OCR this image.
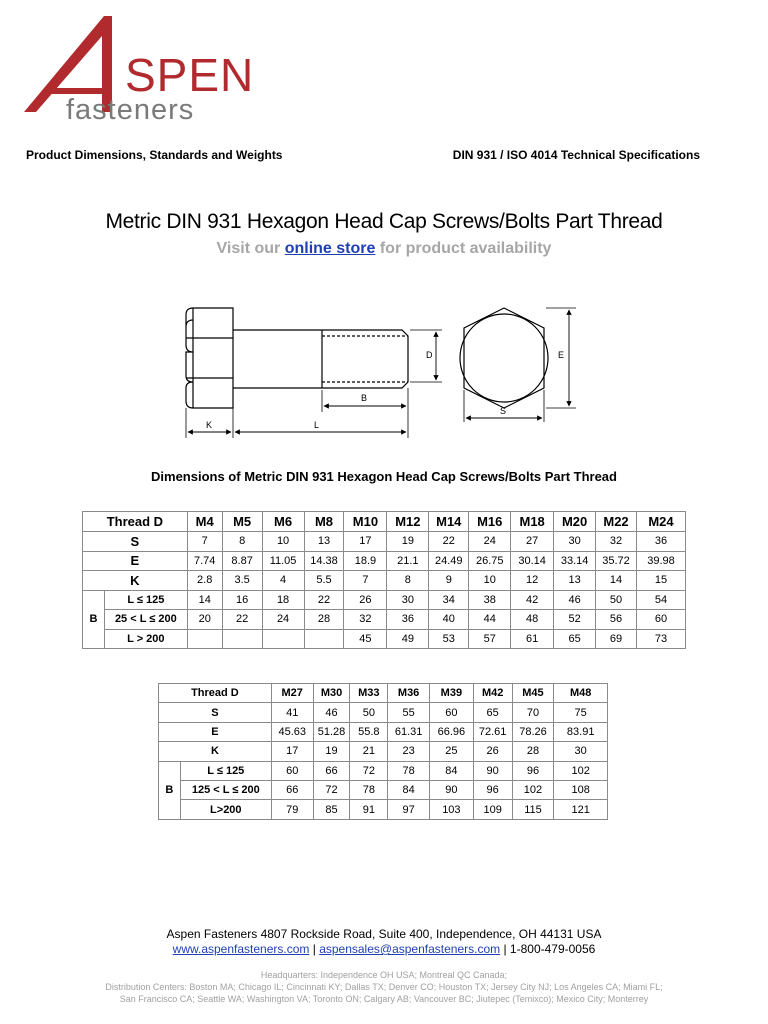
SPEN
fasteners
Product Dimensions, Standards and Weights	DIN 931 / ISO 4014 Technical Specifications
Metric DIN 931 Hexagon Head Cap Screws/Bolts Part Thread
Visit our online store for product availability
D
B
K	L
E
S
Dimensions of Metric DIN 931 Hexagon Head Cap Screws/Bolts Part Thread
Thread D		M4	M5	M6	M8	M10	M12	M14	M16	M18	M20	M22	M24
S		7	8	10	13	17	19	22	24	27	30	32	36
E		7.74	8.87	11.05	14.38	18.9	21.1	24.49	26.75	30.14	33.14	35.72	39.98
K		2.8	3.5	4	5.5	7	8	9	10	12	13	14	15
B	L ≤ 125	14	16	18	22	26	30	34	38	42	46	50	54
	25 < L ≤ 200	20	22	24	28	32	36	40	44	48	52	56	60
	L > 200					45	49	53	57	61	65	69	73
Thread D		M27	M30	M33	M36	M39	M42	M45	M48
S		41	46	50	55	60	65	70	75
E		45.63	51.28	55.8	61.31	66.96	72.61	78.26	83.91
K		17	19	21	23	25	26	28	30
B	L ≤ 125	60	66	72	78	84	90	96	102
	125 < L ≤ 200	66	72	78	84	90	96	102	108
	L>200	79	85	91	97	103	109	115	121
Aspen Fasteners 4807 Rockside Road, Suite 400, Independence, OH 44131 USA
www.aspenfasteners.com | aspensales@aspenfasteners.com | 1-800-479-0056
Headquarters: Independence OH USA; Montreal QC Canada;
Distribution Centers: Boston MA; Chicago IL; Cincinnati KY; Dallas TX; Denver CO; Houston TX; Jersey City NJ; Los Angeles CA; Miami FL;
San Francisco CA; Seattle WA; Washington VA; Toronto ON; Calgary AB; Vancouver BC; Jiutepec (Temixco); Mexico City; Monterrey
